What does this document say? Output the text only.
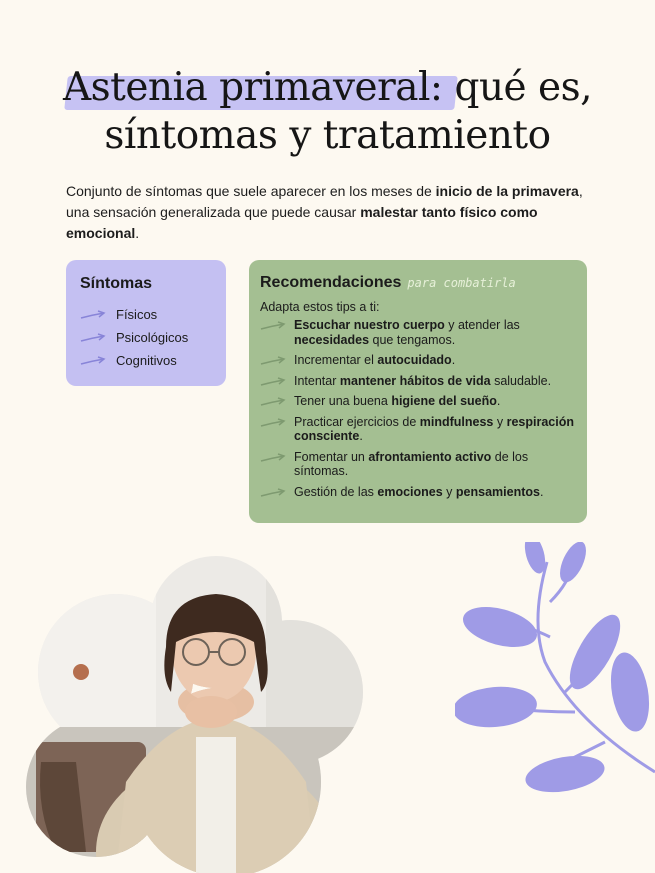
Astenia primaveral: qué es,
síntomas y tratamiento

Conjunto de síntomas que suele aparecer en los meses de inicio de la primavera, una sensación generalizada que puede causar malestar tanto físico como emocional.

Síntomas
Físicos
Psicológicos
Cognitivos
Recomendaciones para combatirla
Adapta estos tips a ti:
Escuchar nuestro cuerpo y atender las necesidades que tengamos.
Incrementar el autocuidado.
Intentar mantener hábitos de vida saludable.
Tener una buena higiene del sueño.
Practicar ejercicios de mindfulness y respiración consciente.
Fomentar un afrontamiento activo de los síntomas.
Gestión de las emociones y pensamientos.
